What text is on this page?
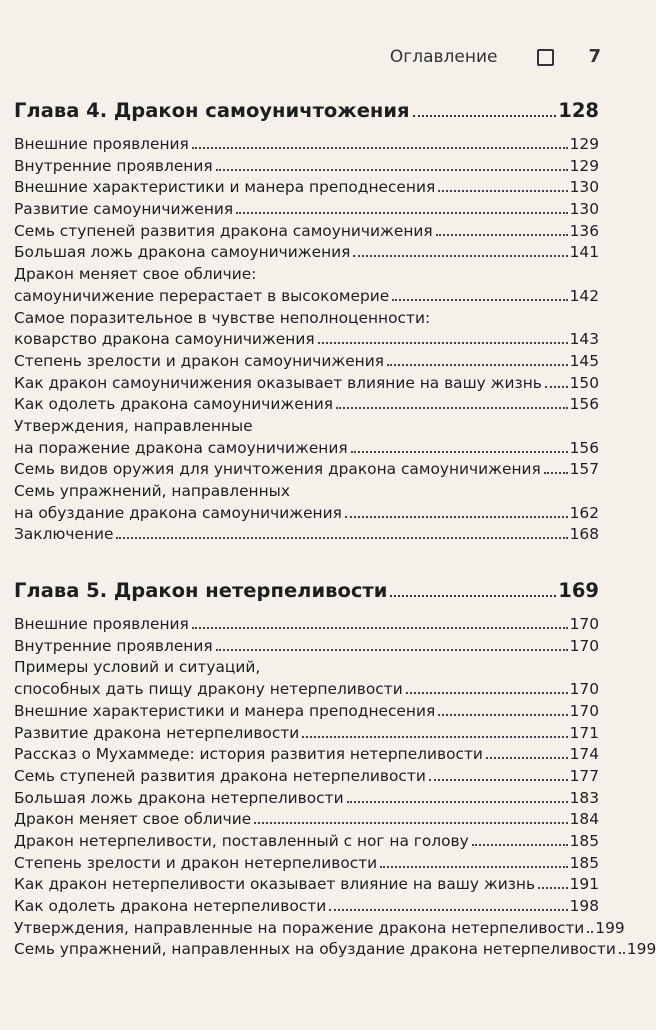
Оглавление	7
Глава 4. Дракон самоуничтожения	128
Внешние проявления	129
Внутренние проявления	129
Внешние характеристики и манера преподнесения	130
Развитие самоуничижения	130
Семь ступеней развития дракона самоуничижения	136
Большая ложь дракона самоуничижения	141
Дракон меняет свое обличие:
самоуничижение перерастает в высокомерие	142
Самое поразительное в чувстве неполноценности:
коварство дракона самоуничижения	143
Степень зрелости и дракон самоуничижения	145
Как дракон самоуничижения оказывает влияние на вашу жизнь 150
Как одолеть дракона самоуничижения	156
Утверждения, направленные
на поражение дракона самоуничижения	156
Семь видов оружия для уничтожения дракона самоуничижения 157
Семь упражнений, направленных
на обуздание дракона самоуничижения	162
Заключение	168
Глава 5. Дракон нетерпеливости	169
Внешние проявления	170
Внутренние проявления	170
Примеры условий и ситуаций,
способных дать пищу дракону нетерпеливости	170
Внешние характеристики и манера преподнесения	170
Развитие дракона нетерпеливости	171
Рассказ о Мухаммеде: история развития нетерпеливости	174
Семь ступеней развития дракона нетерпеливости	177
Большая ложь дракона нетерпеливости	183
Дракон меняет свое обличие	184
Дракон нетерпеливости, поставленный с ног на голову	185
Степень зрелости и дракон нетерпеливости	185
Как дракон нетерпеливости оказывает влияние на вашу жизнь 191
Как одолеть дракона нетерпеливости	198
Утверждения, направленные на поражение дракона нетерпеливости 199
Семь упражнений, направленных на обуздание дракона нетерпеливости 199
